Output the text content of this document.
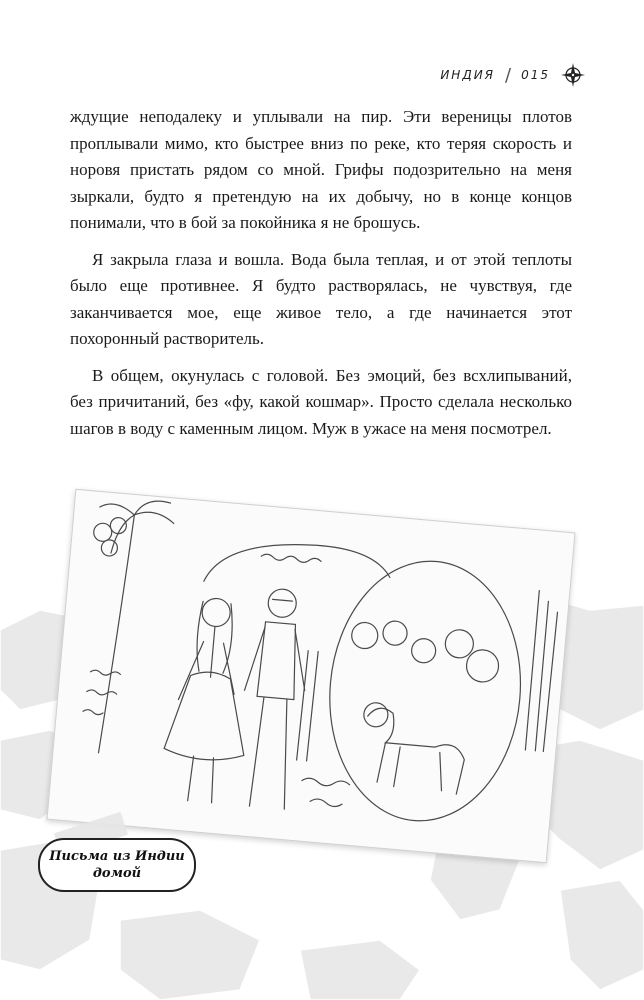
ИНДИЯ / 015

ждущие неподалеку и уплывали на пир. Эти вереницы плотов проплывали мимо, кто быстрее вниз по реке, кто теряя скорость и норовя пристать рядом со мной. Грифы подозрительно на меня зыркали, будто я претендую на их добычу, но в конце концов понимали, что в бой за покойника я не брошусь.

Я закрыла глаза и вошла. Вода была теплая, и от этой теплоты было еще противнее. Я будто растворялась, не чувствуя, где заканчивается мое, еще живое тело, а где начинается этот похоронный растворитель.

В общем, окунулась с головой. Без эмоций, без всхлипываний, без причитаний, без «фу, какой кошмар». Просто сделала несколько шагов в воду с каменным лицом. Муж в ужасе на меня посмотрел.

Письма из Индии
домой
